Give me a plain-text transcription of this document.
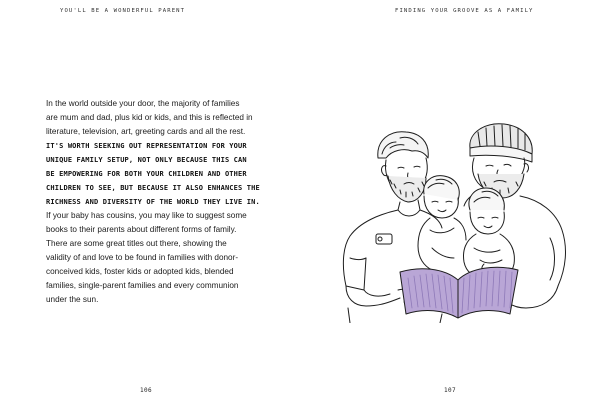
YOU'LL BE A WONDERFUL PARENT
In the world outside your door, the majority of families
are mum and dad, plus kid or kids, and this is reflected in
literature, television, art, greeting cards and all the rest.
IT'S WORTH SEEKING OUT REPRESENTATION FOR YOUR
UNIQUE FAMILY SETUP, NOT ONLY BECAUSE THIS CAN
BE EMPOWERING FOR BOTH YOUR CHILDREN AND OTHER
CHILDREN TO SEE, BUT BECAUSE IT ALSO ENHANCES THE
RICHNESS AND DIVERSITY OF THE WORLD THEY LIVE IN.
If your baby has cousins, you may like to suggest some
books to their parents about different forms of family.
There are some great titles out there, showing the
validity of and love to be found in families with donor-
conceived kids, foster kids or adopted kids, blended
families, single-parent families and every communion
under the sun.
106
FINDING YOUR GROOVE AS A FAMILY
107
